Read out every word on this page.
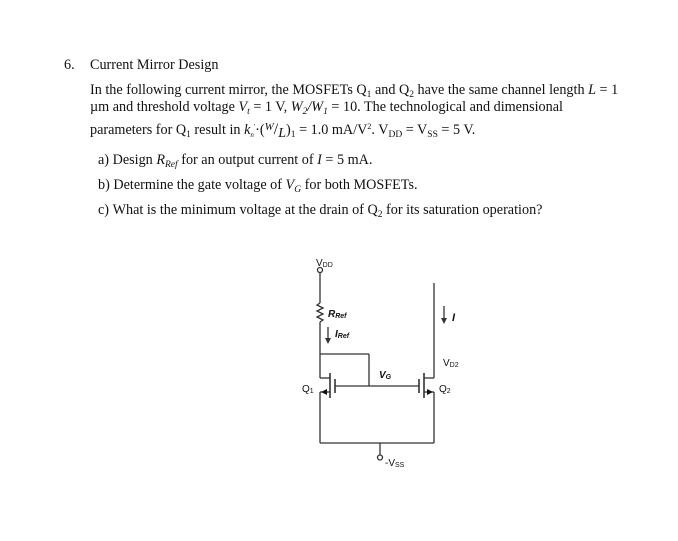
6. Current Mirror Design
In the following current mirror, the MOSFETs $Q_1$ and $Q_2$ have the same channel length L = 1
µm and threshold voltage $V_t = 1$ V, $W_2/W_1 = 10$. The technological and dimensional
parameters for $Q_1$ result in $k_n'\cdot(^W/L)_1 = 1.0$ $mA/V^2$. $V_{DD} = V_{SS} = 5$ V.
a) Design $R_{Ref}$ for an output current of I = 5 mA.
b) Determine the gate voltage of $V_G$ for both MOSFETs.
c) What is the minimum voltage at the drain of $Q_2$ for its saturation operation?
VDD
RRef
IRef
I
VD2
VG
Q1	Q2
-VSS
